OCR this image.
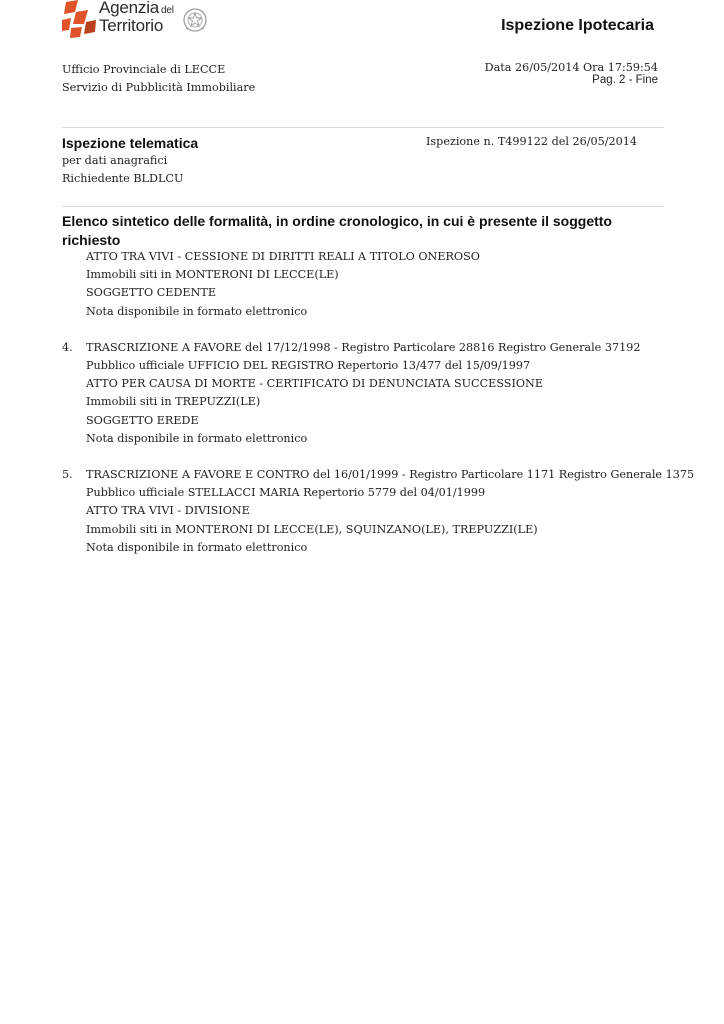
Agenzia del
Territorio	Ispezione Ipotecaria
Ufficio Provinciale di LECCE
Servizio di Pubblicità Immobiliare
Data 26/05/2014 Ora 17:59:54
Pag. 2 - Fine
Ispezione telematica
per dati anagrafici
Richiedente BLDLCU
Ispezione n. T499122 del 26/05/2014
Elenco sintetico delle formalità, in ordine cronologico, in cui è presente il soggetto richiesto
ATTO TRA VIVI - CESSIONE DI DIRITTI REALI A TITOLO ONEROSO
Immobili siti in MONTERONI DI LECCE(LE)
SOGGETTO CEDENTE
Nota disponibile in formato elettronico
4. TRASCRIZIONE A FAVORE del 17/12/1998 - Registro Particolare 28816 Registro Generale 37192
Pubblico ufficiale UFFICIO DEL REGISTRO Repertorio 13/477 del 15/09/1997
ATTO PER CAUSA DI MORTE - CERTIFICATO DI DENUNCIATA SUCCESSIONE
Immobili siti in TREPUZZI(LE)
SOGGETTO EREDE
Nota disponibile in formato elettronico
5. TRASCRIZIONE A FAVORE E CONTRO del 16/01/1999 - Registro Particolare 1171 Registro Generale 1375
Pubblico ufficiale STELLACCI MARIA Repertorio 5779 del 04/01/1999
ATTO TRA VIVI - DIVISIONE
Immobili siti in MONTERONI DI LECCE(LE), SQUINZANO(LE), TREPUZZI(LE)
Nota disponibile in formato elettronico
